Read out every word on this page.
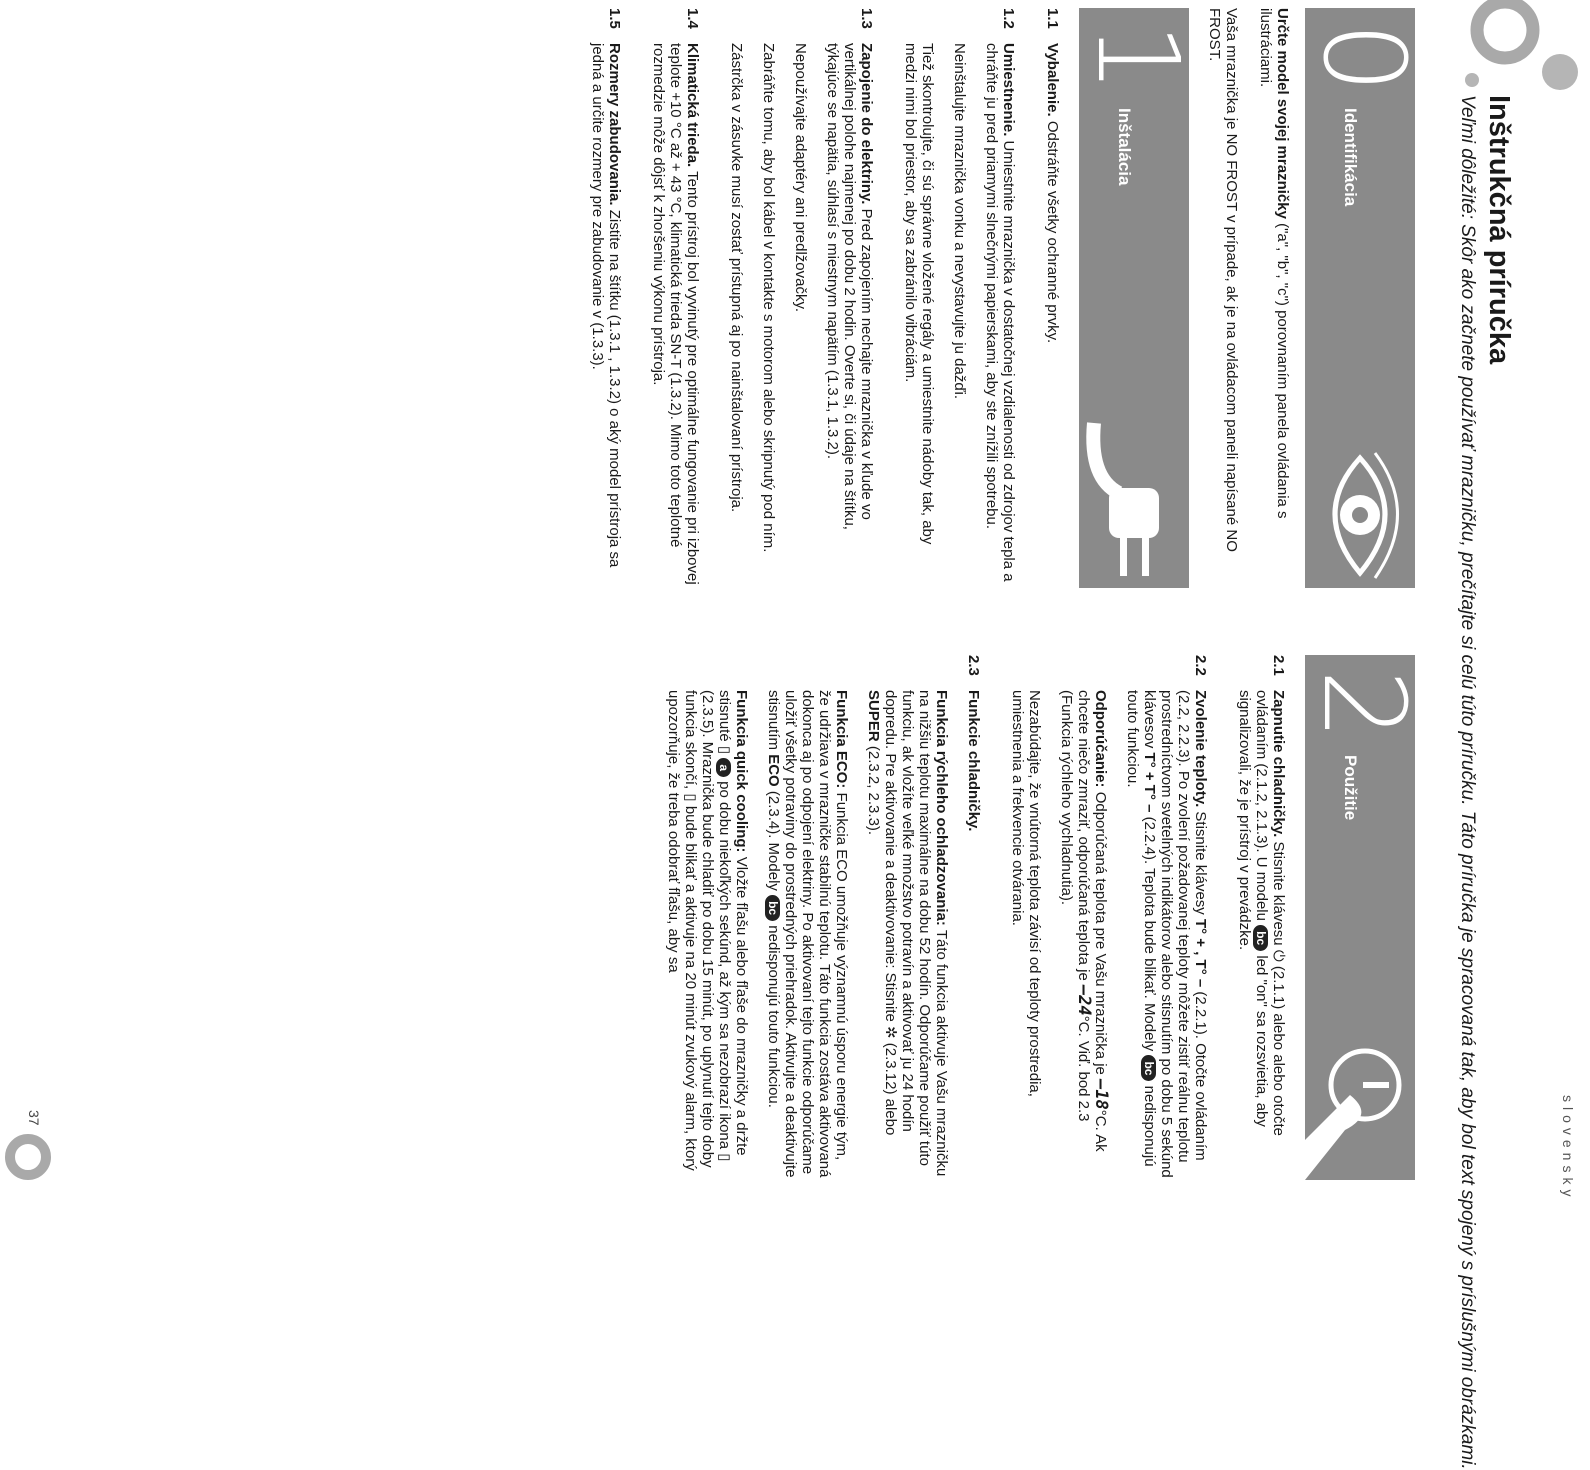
slovensky
Inštrukčná príručka
Veľmi dôležité: Skôr ako začnete používať mrazničku, prečítajte si celú túto príručku. Táto príručka je spracovaná tak, aby bol text spojený s príslušnými obrázkami.
0
Identifikácia

Určte model svojej mrazničky ("a", "b", "c") porovnaním panela ovládania s ilustráciami.

Vaša mraznička je NO FROST v prípade, ak je na ovládacom paneli napísané NO FROST.

1
Inštalácia
1.1

Vybalenie. Odstráňte všetky ochranné prvky.

1.2

Umiestnenie. Umiestnite mraznička v dostatočnej vzdialenosti od zdrojov tepla a chráňte ju pred priamymi slnečnými papierskami, aby ste znížili spotrebu.

Neinštalujte mraznička vonku a nevystavujte ju dažďi.

Tiež skontrolujte, či sú správne vložené regály a umiestnite nádoby tak, aby medzi nimi bol priestor, aby sa zabránilo vibráciám.

1.3

Zapojenie do elektriny. Pred zapojením nechajte mraznička v kľude vo vertikálnej polohe najmenej po dobu 2 hodin. Overte si, či údaje na štítku, týkajúce se napätia, súhlasí s miestnym napätím (1.3.1, 1.3.2).

Nepoužívajte adaptéry ani predlžovačky.

Zabráňte tomu, aby bol kábel v kontakte s motorom alebo skripnutý pod ním.

Zástrčka v zásuvke musí zostať prístupná aj po nainštalovaní prístroja.

1.4

Klimatická trieda. Tento prístroj bol vyvinutý pre optimálne fungovanie pri izbovej teplote +10 °C až + 43 °C, klimatická trieda SN-T (1.3.2). Mimo toto teplotné rozmedzie môže dôjsť k zhoršeniu výkonu prístroja.

1.5

Rozmery zabudovania. Zistite na štítku (1.3.1 , 1.3.2) o aký model prístroja sa jedná a určite rozmery pre zabudovanie v (1.3.3).

2
Použitie
2.1

Zapnutie chladničky. Stisnite klávesu ⏻ (2.1.1) alebo alebo otočte ovládaním (2.1.2, 2.1.3). U modelu bc led "on" sa rozsvietia, aby signalizovali, že je prístroj v prevádzke.

2.2

Zvolenie teploty. Stisnite klávesy T° + , T° – (2.2.1). Otočte ovládaním (2.2, 2.2.3). Po zvolení požadovanej teploty môžete zistiť reálnu teplotu prostredníctvom svetelných indikátorov alebo stisnutím po dobu 5 sekúnd klávesov T° + T° – (2.2.4). Teplota bude blikať. Modely bc nedisponujú touto funkciou.

Odporúčanie: Odporúčaná teplota pre Vašu mraznička je –18°C. Ak chcete niečo zmraziť, odporúčaná teplota je –24°C. Viď. bod 2.3 (Funkcia rýchleho vychladnutia).

Nezabúdajte, že vnútorná teplota závisí od teploty prostredia, umiestnenia a frekvencie otvárania.

2.3

Funkcie chladničky.

Funkcia rýchleho ochladzovania: Táto funkcia aktivuje Vašu mrazničku na nižšiu teplotu maximálne na dobu 52 hodín. Odporúčame použiť túto funkciu, ak vložíte veľké množstvo potravín a aktivovať ju 24 hodín dopredu. Pre aktivovanie a deaktivovanie: Stisnite ✲ (2.3.12) alebo SUPER (2.3.2, 2.3.3).

Funkcia ECO: Funkcia ECO umožňuje významnú úsporu energie tým, že udržiava v mrazničke stabilnú teplotu. Táto funkcia zostáva aktivovaná dokonca aj po odpojení elektriny. Po aktivovaní tejto funkcie odporúčame uložiť všetky potraviny do prostredných priehradok. Aktivujte a deaktivujte stisnutím ECO (2.3.4). Modely bc nedisponujú touto funkciou.

Funkcia quick cooling: Vložte fľašu alebo fľaše do mrazničky a držte stisnuté ▯ a po dobu niekoľkých sekúnd, až kým sa nezobrazí ikona ▯ (2.3.5). Mraznička bude chladiť po dobu 15 minút, po uplynutí tejto doby funkcia skončí, ▯ bude blikať a aktivuje na 20 minút zvukový alarm, ktorý upozorňuje, že treba odobrať fľašu, aby sa

37
